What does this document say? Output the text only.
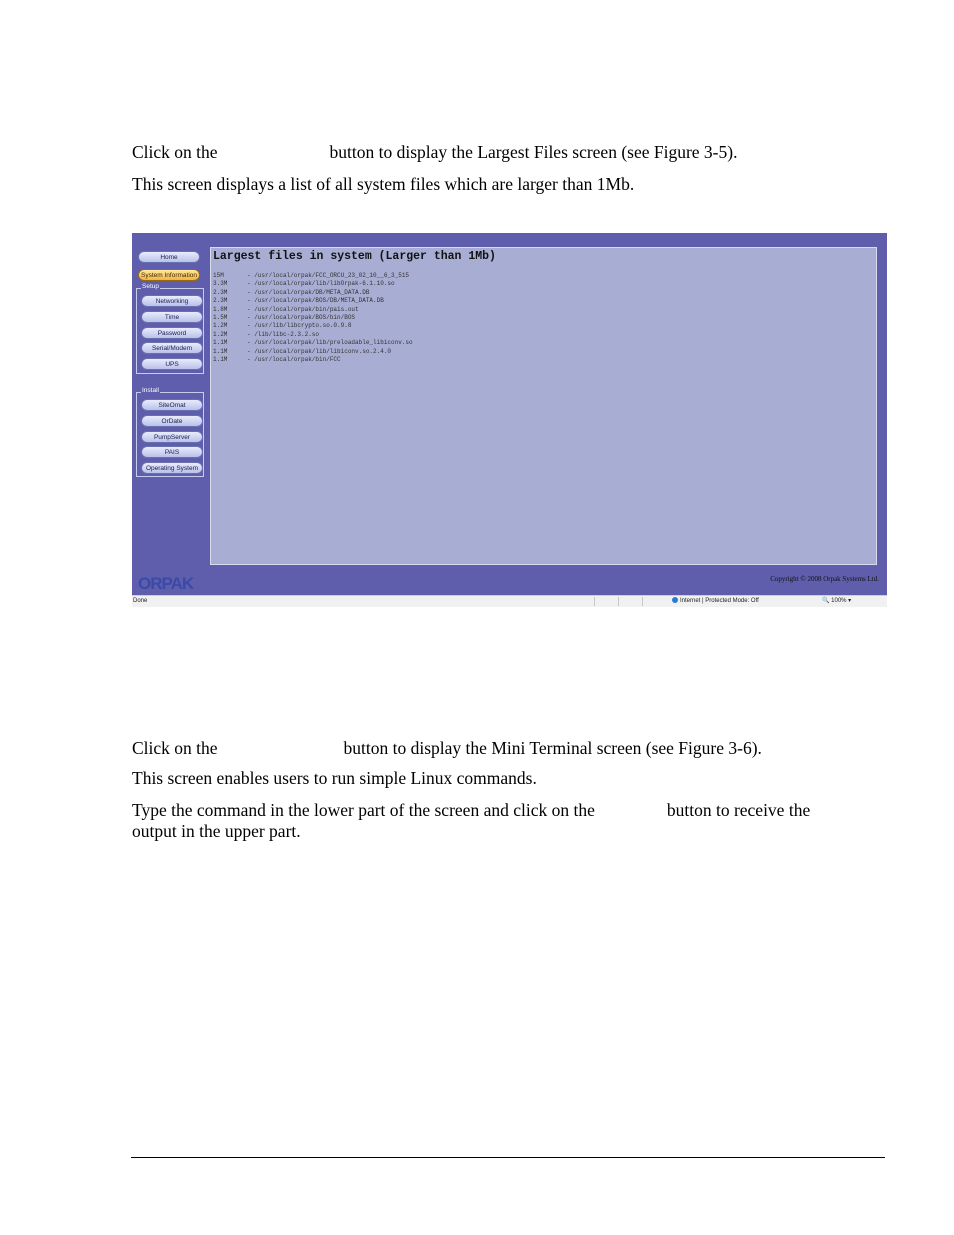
Click on the	button to display the Largest Files screen (see Figure 3-5).

This screen displays a list of all system files which are larger than 1Mb.

Home
System Information
Setup
Networking
Time
Password
Serial/Modem
UPS
Install
SiteOmat
OrDate
PumpServer
PAIS
Operating System
Largest files in system (Larger than 1Mb)
15M	- /usr/local/orpak/FCC_ORCU_23_02_10__6_3_515
3.3M	- /usr/local/orpak/lib/libOrpak-6.1.10.so
2.3M	- /usr/local/orpak/DB/META_DATA.DB
2.3M	- /usr/local/orpak/BOS/DB/META_DATA.DB
1.8M	- /usr/local/orpak/bin/pais.out
1.5M	- /usr/local/orpak/BOS/bin/BOS
1.2M	- /usr/lib/libcrypto.so.0.9.8
1.2M	- /lib/libc-2.3.2.so
1.1M	- /usr/local/orpak/lib/preloadable_libiconv.so
1.1M	- /usr/local/orpak/lib/libiconv.so.2.4.0
1.1M	- /usr/local/orpak/bin/FCC
ORPAK	Copyright © 2008 Orpak Systems Ltd.
Done	Internet | Protected Mode: Off	🔍 100% ▾

Click on the	button to display the Mini Terminal screen (see Figure 3-6).

This screen enables users to run simple Linux commands.

Type the command in the lower part of the screen and click on the	button to receive the

output in the upper part.
